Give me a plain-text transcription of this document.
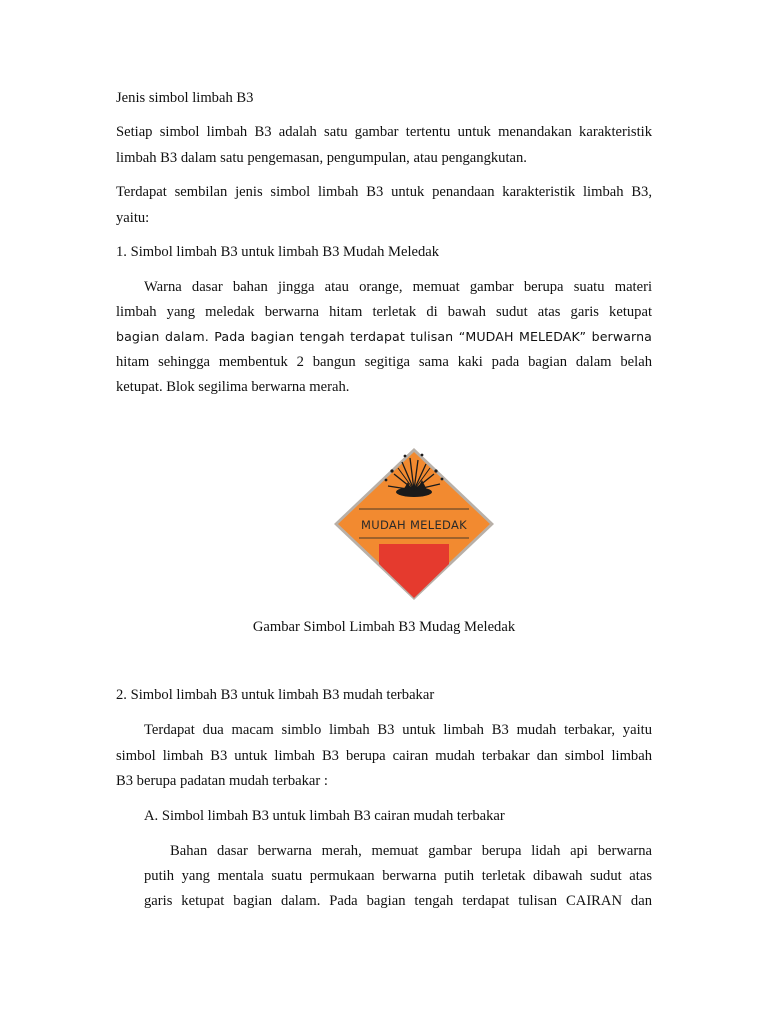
Jenis simbol limbah B3
Setiap simbol limbah B3 adalah satu gambar tertentu untuk menandakan karakteristik
limbah B3 dalam satu pengemasan, pengumpulan, atau pengangkutan.
Terdapat sembilan jenis simbol limbah B3 untuk penandaan karakteristik limbah B3,
yaitu:
1. Simbol limbah B3 untuk limbah B3 Mudah Meledak
Warna dasar bahan jingga atau orange, memuat gambar berupa suatu materi
limbah yang meledak berwarna hitam terletak di bawah sudut atas garis ketupat
bagian dalam. Pada bagian tengah terdapat tulisan “MUDAH MELEDAK” berwarna
hitam sehingga membentuk 2 bangun segitiga sama kaki pada bagian dalam belah
ketupat. Blok segilima berwarna merah.
MUDAH MELEDAK
Gambar Simbol Limbah B3 Mudag Meledak
2. Simbol limbah B3 untuk limbah B3 mudah terbakar
Terdapat dua macam simblo limbah B3 untuk limbah B3 mudah terbakar, yaitu
simbol limbah B3 untuk limbah B3 berupa cairan mudah terbakar dan simbol limbah
B3 berupa padatan mudah terbakar :
A. Simbol limbah B3 untuk limbah B3 cairan mudah terbakar
Bahan dasar berwarna merah, memuat gambar berupa lidah api berwarna
putih yang mentala suatu permukaan berwarna putih terletak dibawah sudut atas
garis ketupat bagian dalam. Pada bagian tengah terdapat tulisan CAIRAN dan
